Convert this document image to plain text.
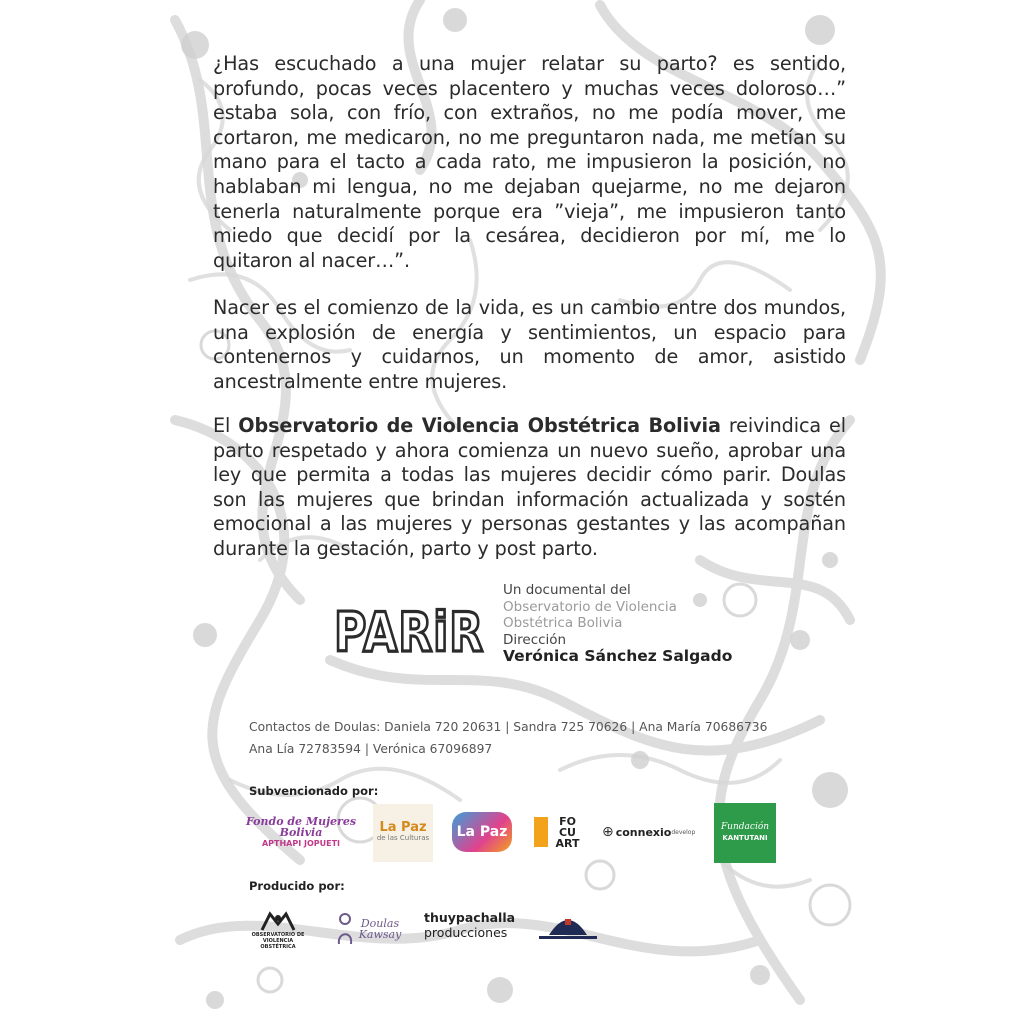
¿Has escuchado a una mujer relatar su parto? es sentido, profundo, pocas veces placentero y muchas veces doloroso…” estaba sola, con frío, con extraños, no me podía mover, me cortaron, me medicaron, no me preguntaron nada, me metían su mano para el tacto a cada rato, me impusieron la posición, no hablaban mi lengua, no me dejaban quejarme, no me dejaron tenerla naturalmente porque era ”vieja”, me impusieron tanto miedo que decidí por la cesárea, decidieron por mí, me lo quitaron al nacer…”.

Nacer es el comienzo de la vida, es un cambio entre dos mundos, una explosión de energía y sentimientos, un espacio para contenernos y cuidarnos, un momento de amor, asistido ancestralmente entre mujeres.

El Observatorio de Violencia Obstétrica Bolivia reivindica el parto respetado y ahora comienza un nuevo sueño, aprobar una ley que permita a todas las mujeres decidir cómo parir. Doulas son las mujeres que brindan información actualizada y sostén emocional a las mujeres y personas gestantes y las acompañan durante la gestación, parto y post parto.

PARiR
Un documental del
Observatorio de Violencia
Obstétrica Bolivia
Dirección
Verónica Sánchez Salgado
Contactos de Doulas: Daniela 720 20631 | Sandra 725 70626 | Ana María 70686736
Ana Lía 72783594 | Verónica 67096897
Subvencionado por:
Fondo de Mujeres
Bolivia
APTHAPI JOPUETI
La Paz
de las Culturas	La Paz
FO CU ART
⊕ connexio develop	Fundación
KANTUTANI
Producido por:
OBSERVATORIO DE VIOLENCIA OBSTÉTRICA
Doulas
Kawsay
thuypachalla
producciones
